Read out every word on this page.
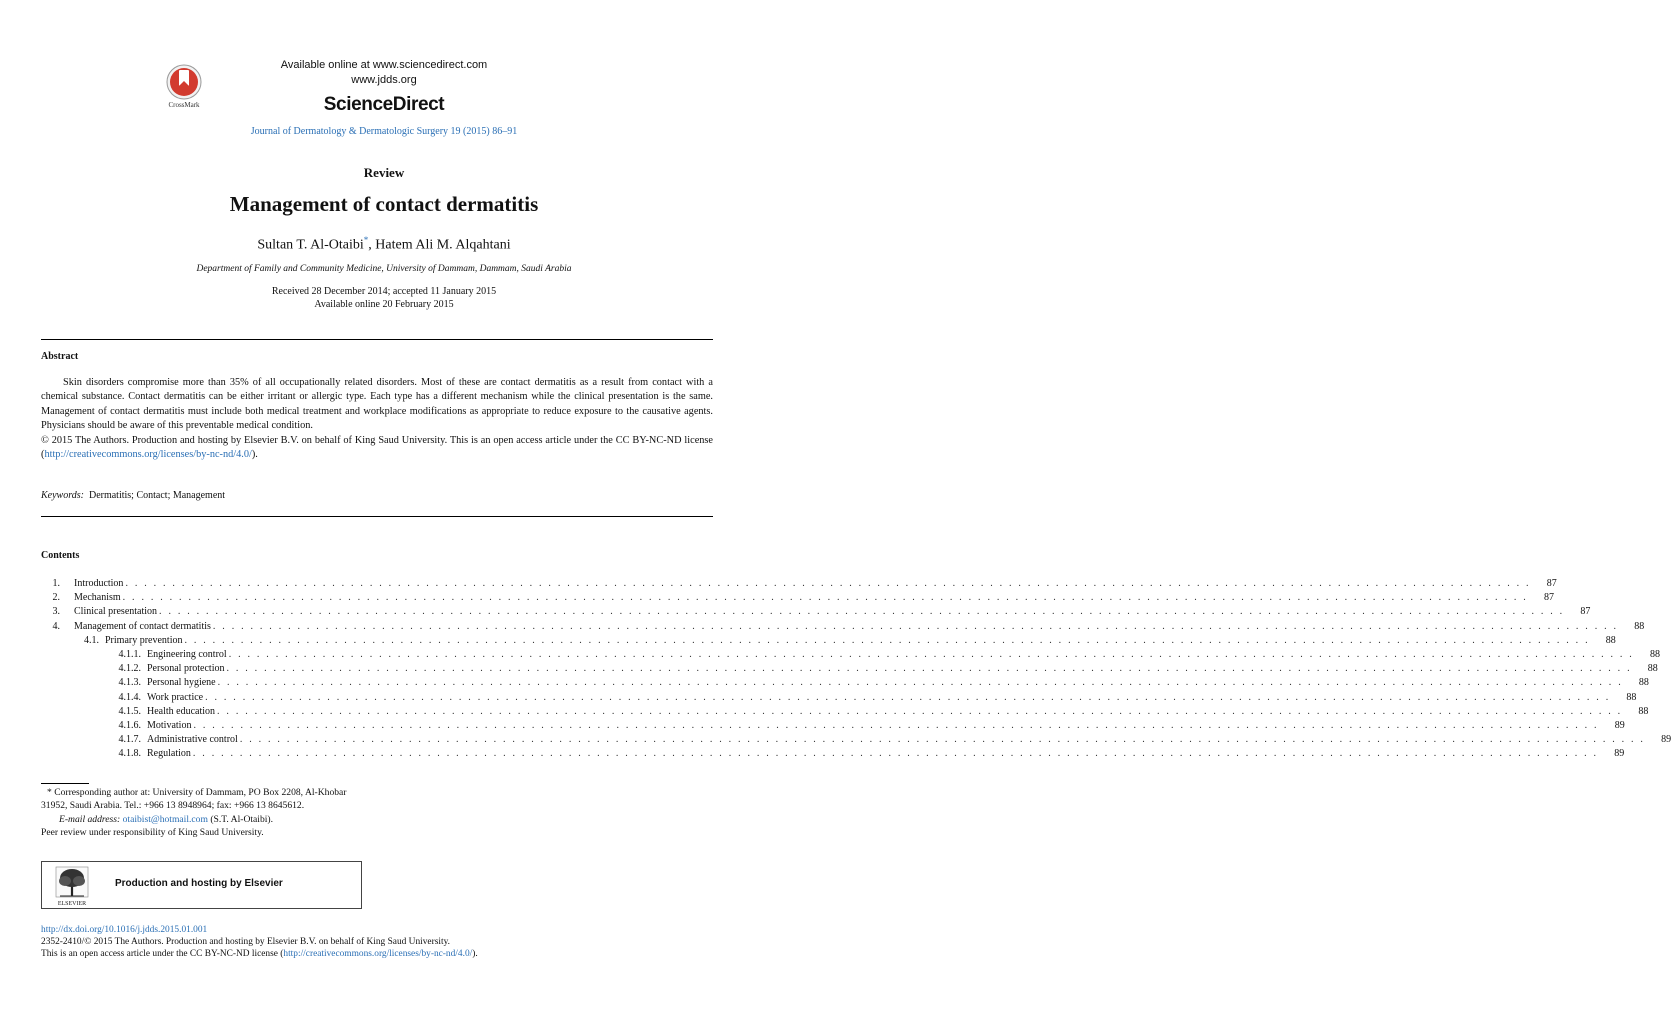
CrossMark
Available online at www.sciencedirect.com
www.jdds.org
ScienceDirect
Journal of Dermatology & Dermatologic Surgery 19 (2015) 86–91
Review
Management of contact dermatitis
Sultan T. Al-Otaibi*, Hatem Ali M. Alqahtani
Department of Family and Community Medicine, University of Dammam, Dammam, Saudi Arabia
Received 28 December 2014; accepted 11 January 2015
Available online 20 February 2015
Abstract

Skin disorders compromise more than 35% of all occupationally related disorders. Most of these are contact dermatitis as a result from contact with a chemical substance. Contact dermatitis can be either irritant or allergic type. Each type has a different mechanism while the clinical presentation is the same. Management of contact dermatitis must include both medical treatment and workplace modifications as appropriate to reduce exposure to the causative agents. Physicians should be aware of this preventable medical condition.

© 2015 The Authors. Production and hosting by Elsevier B.V. on behalf of King Saud University. This is an open access article under the CC BY-NC-ND license (http://creativecommons.org/licenses/by-nc-nd/4.0/).

Keywords: Dermatitis; Contact; Management
Contents
1.	Introduction . . . . . . . . . . . . . . . . . . . . . . . . . . . . . . . . . . . . . . . . . . . . . . . . . . . . . . . . . . . . . . . . . . . . . . . . . . . . . . . . . . . . . . . . . . . . . . . . . . . . . . . . . . . . . . . . . . . . . . . . . . . . . . . . . . . . . . . . . . . . . . . . . . . . . .	87
2.	Mechanism . . . . . . . . . . . . . . . . . . . . . . . . . . . . . . . . . . . . . . . . . . . . . . . . . . . . . . . . . . . . . . . . . . . . . . . . . . . . . . . . . . . . . . . . . . . . . . . . . . . . . . . . . . . . . . . . . . . . . . . . . . . . . . . . . . . . . . . . . . . . . . . . . . . . . .	87
3.	Clinical presentation . . . . . . . . . . . . . . . . . . . . . . . . . . . . . . . . . . . . . . . . . . . . . . . . . . . . . . . . . . . . . . . . . . . . . . . . . . . . . . . . . . . . . . . . . . . . . . . . . . . . . . . . . . . . . . . . . . . . . . . . . . . . . . . . . . . . . . . . . . . . . . . . . . . . . .	87
4.	Management of contact dermatitis . . . . . . . . . . . . . . . . . . . . . . . . . . . . . . . . . . . . . . . . . . . . . . . . . . . . . . . . . . . . . . . . . . . . . . . . . . . . . . . . . . . . . . . . . . . . . . . . . . . . . . . . . . . . . . . . . . . . . . . . . . . . . . . . . . . . . . . . . . . . . . . . . . . . . .	88
4.1. Primary prevention . . . . . . . . . . . . . . . . . . . . . . . . . . . . . . . . . . . . . . . . . . . . . . . . . . . . . . . . . . . . . . . . . . . . . . . . . . . . . . . . . . . . . . . . . . . . . . . . . . . . . . . . . . . . . . . . . . . . . . . . . . . . . . . . . . . . . . . . . . . . . . . . . . . . . .	88
4.1.1. Engineering control . . . . . . . . . . . . . . . . . . . . . . . . . . . . . . . . . . . . . . . . . . . . . . . . . . . . . . . . . . . . . . . . . . . . . . . . . . . . . . . . . . . . . . . . . . . . . . . . . . . . . . . . . . . . . . . . . . . . . . . . . . . . . . . . . . . . . . . . . . . . . . . . . . . . . .	88
4.1.2. Personal protection . . . . . . . . . . . . . . . . . . . . . . . . . . . . . . . . . . . . . . . . . . . . . . . . . . . . . . . . . . . . . . . . . . . . . . . . . . . . . . . . . . . . . . . . . . . . . . . . . . . . . . . . . . . . . . . . . . . . . . . . . . . . . . . . . . . . . . . . . . . . . . . . . . . . . .	88
4.1.3. Personal hygiene . . . . . . . . . . . . . . . . . . . . . . . . . . . . . . . . . . . . . . . . . . . . . . . . . . . . . . . . . . . . . . . . . . . . . . . . . . . . . . . . . . . . . . . . . . . . . . . . . . . . . . . . . . . . . . . . . . . . . . . . . . . . . . . . . . . . . . . . . . . . . . . . . . . . . .	88
4.1.4. Work practice . . . . . . . . . . . . . . . . . . . . . . . . . . . . . . . . . . . . . . . . . . . . . . . . . . . . . . . . . . . . . . . . . . . . . . . . . . . . . . . . . . . . . . . . . . . . . . . . . . . . . . . . . . . . . . . . . . . . . . . . . . . . . . . . . . . . . . . . . . . . . . . . . . . . . .	88
4.1.5. Health education . . . . . . . . . . . . . . . . . . . . . . . . . . . . . . . . . . . . . . . . . . . . . . . . . . . . . . . . . . . . . . . . . . . . . . . . . . . . . . . . . . . . . . . . . . . . . . . . . . . . . . . . . . . . . . . . . . . . . . . . . . . . . . . . . . . . . . . . . . . . . . . . . . . . . .	88
4.1.6. Motivation . . . . . . . . . . . . . . . . . . . . . . . . . . . . . . . . . . . . . . . . . . . . . . . . . . . . . . . . . . . . . . . . . . . . . . . . . . . . . . . . . . . . . . . . . . . . . . . . . . . . . . . . . . . . . . . . . . . . . . . . . . . . . . . . . . . . . . . . . . . . . . . . . . . . . .	89
4.1.7. Administrative control . . . . . . . . . . . . . . . . . . . . . . . . . . . . . . . . . . . . . . . . . . . . . . . . . . . . . . . . . . . . . . . . . . . . . . . . . . . . . . . . . . . . . . . . . . . . . . . . . . . . . . . . . . . . . . . . . . . . . . . . . . . . . . . . . . . . . . . . . . . . . . . . . . . . . .	89
4.1.8. Regulation . . . . . . . . . . . . . . . . . . . . . . . . . . . . . . . . . . . . . . . . . . . . . . . . . . . . . . . . . . . . . . . . . . . . . . . . . . . . . . . . . . . . . . . . . . . . . . . . . . . . . . . . . . . . . . . . . . . . . . . . . . . . . . . . . . . . . . . . . . . . . . . . . . . . . .	89

* Corresponding author at: University of Dammam, PO Box 2208, Al-Khobar 31952, Saudi Arabia. Tel.: +966 13 8948964; fax: +966 13 8645612.

E-mail address: otaibist@hotmail.com (S.T. Al-Otaibi).

Peer review under responsibility of King Saud University.

ELSEVIER
Production and hosting by Elsevier

http://dx.doi.org/10.1016/j.jdds.2015.01.001

2352-2410/© 2015 The Authors. Production and hosting by Elsevier B.V. on behalf of King Saud University.

This is an open access article under the CC BY-NC-ND license (http://creativecommons.org/licenses/by-nc-nd/4.0/).
